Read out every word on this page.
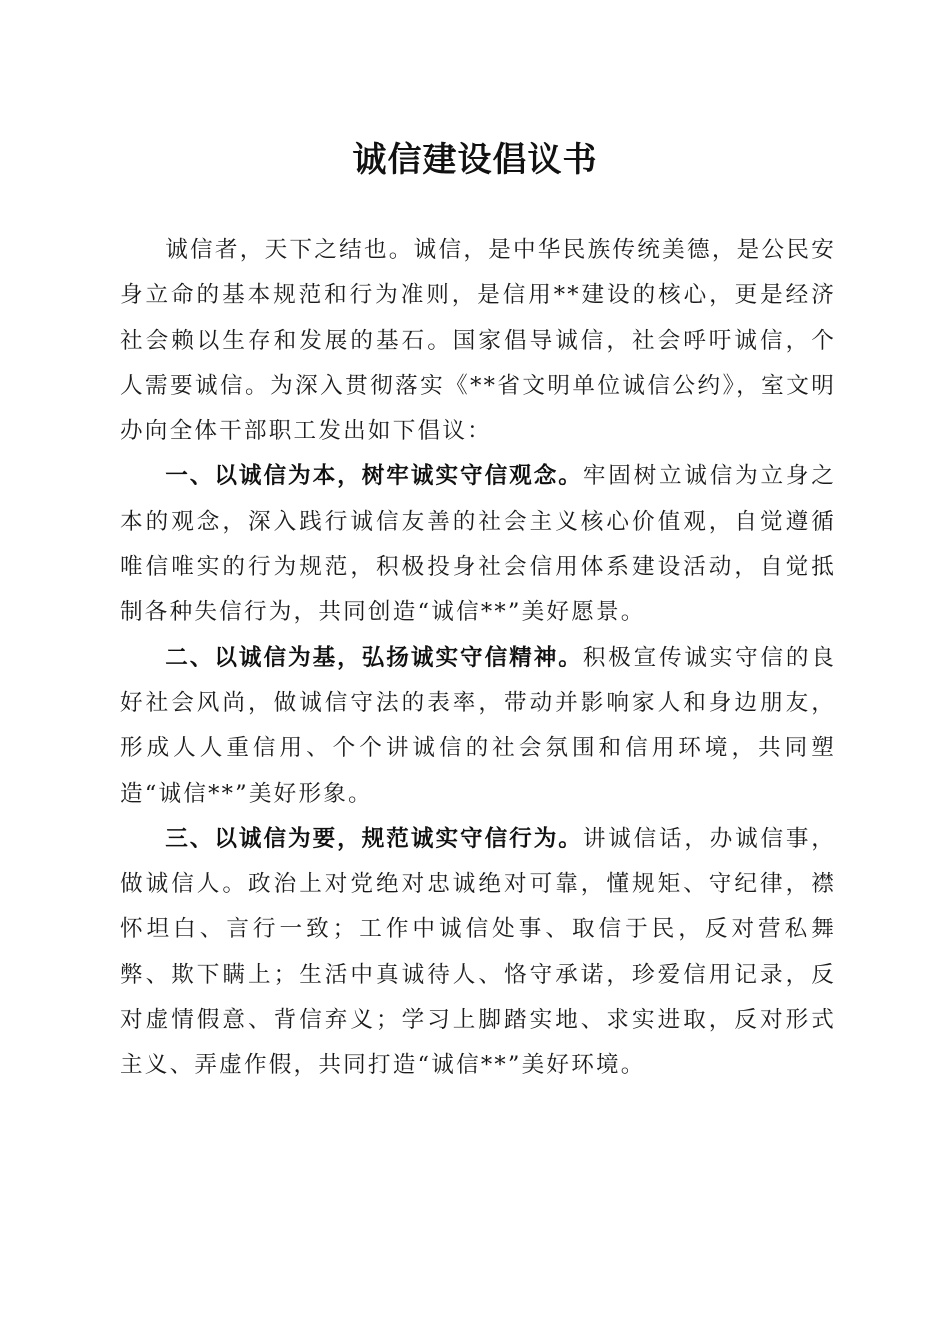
诚信建设倡议书

诚信者，天下之结也。诚信，是中华民族传统美德，是公民安身立命的基本规范和行为准则，是信用**建设的核心，更是经济社会赖以生存和发展的基石。国家倡导诚信，社会呼吁诚信，个人需要诚信。为深入贯彻落实《**省文明单位诚信公约》，室文明办向全体干部职工发出如下倡议：

一、以诚信为本，树牢诚实守信观念。牢固树立诚信为立身之本的观念，深入践行诚信友善的社会主义核心价值观，自觉遵循唯信唯实的行为规范，积极投身社会信用体系建设活动，自觉抵制各种失信行为，共同创造“诚信**”美好愿景。

二、以诚信为基，弘扬诚实守信精神。积极宣传诚实守信的良好社会风尚，做诚信守法的表率，带动并影响家人和身边朋友，形成人人重信用、个个讲诚信的社会氛围和信用环境，共同塑造“诚信**”美好形象。

三、以诚信为要，规范诚实守信行为。讲诚信话，办诚信事，做诚信人。政治上对党绝对忠诚绝对可靠，懂规矩、守纪律，襟怀坦白、言行一致；工作中诚信处事、取信于民，反对营私舞弊、欺下瞒上；生活中真诚待人、恪守承诺，珍爱信用记录，反对虚情假意、背信弃义；学习上脚踏实地、求实进取，反对形式主义、弄虚作假，共同打造“诚信**”美好环境。
